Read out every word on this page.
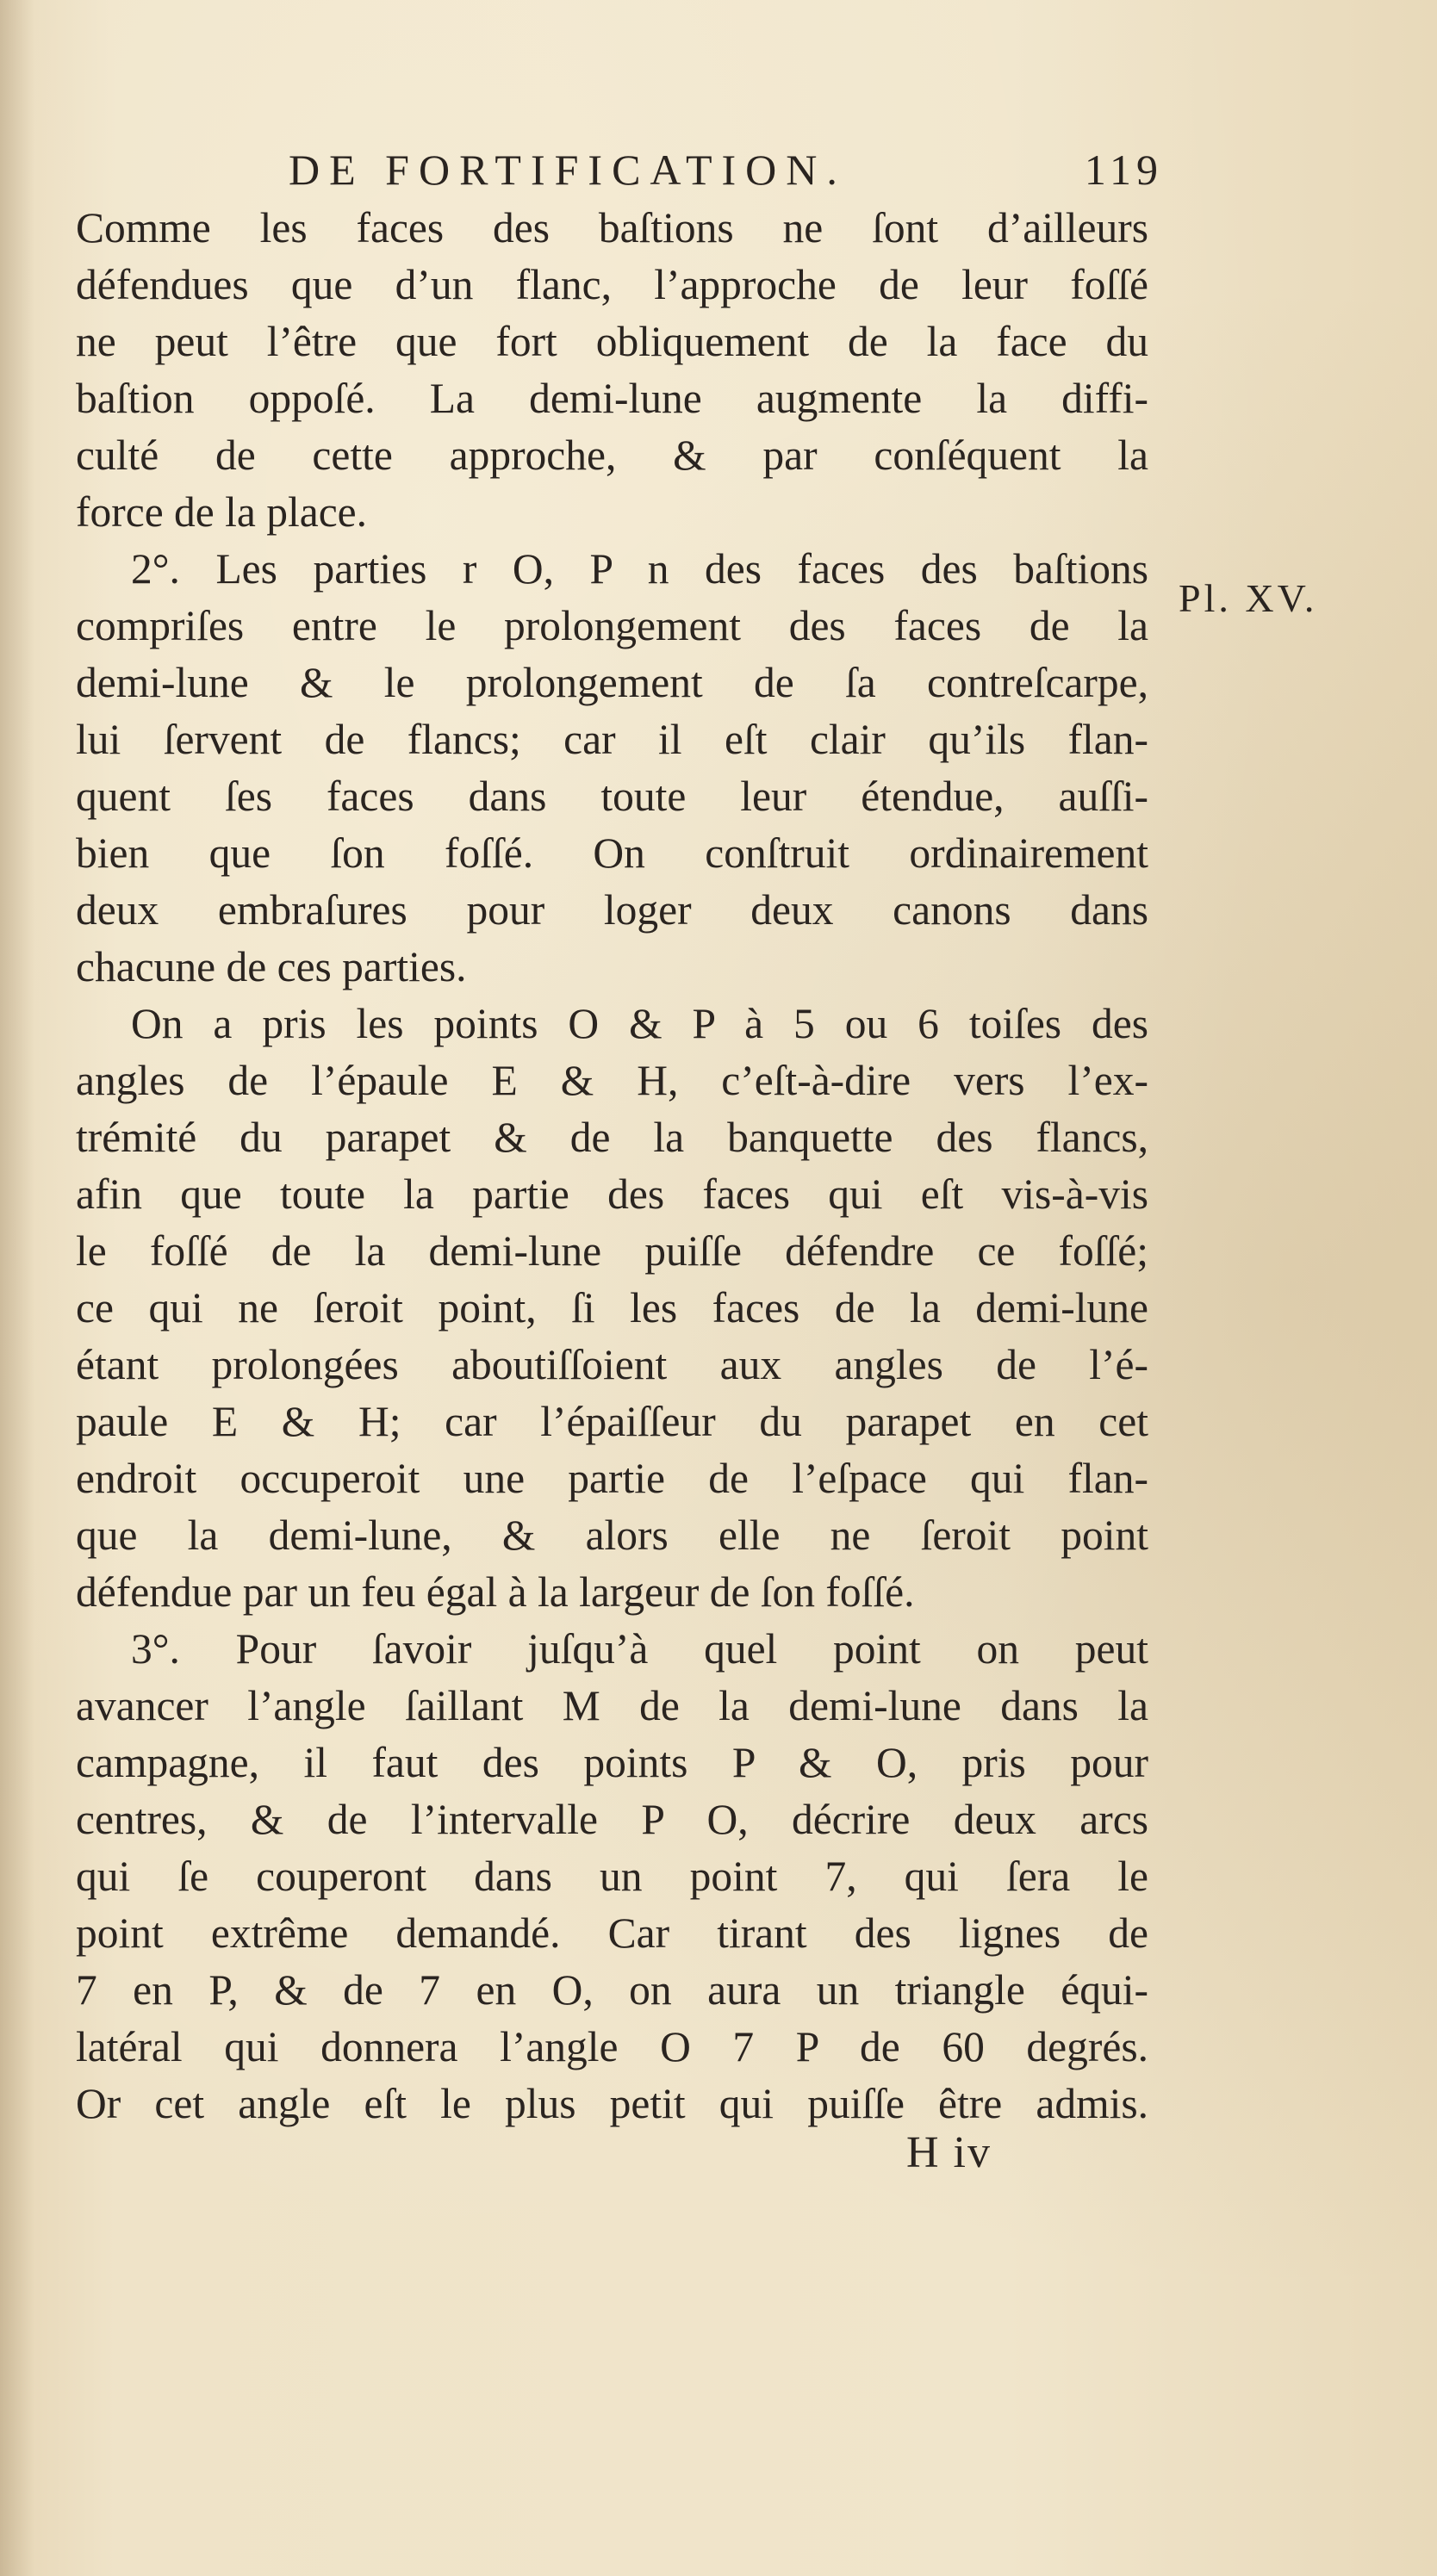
DE FORTIFICATION.	119
Comme les faces des baſtions ne ſont d’ailleurs
défendues que d’un flanc, l’approche de leur foſſé
ne peut l’être que fort obliquement de la face du
baſtion oppoſé. La demi-lune augmente la diffi-
culté de cette approche, & par conſéquent la
force de la place.
2°. Les parties r O, P n des faces des baſtions
compriſes entre le prolongement des faces de la
demi-lune & le prolongement de ſa contreſcarpe,
lui ſervent de flancs; car il eſt clair qu’ils flan-
quent ſes faces dans toute leur étendue, auſſi-
bien que ſon foſſé. On conſtruit ordinairement
deux embraſures pour loger deux canons dans
chacune de ces parties.
On a pris les points O & P à 5 ou 6 toiſes des
angles de l’épaule E & H, c’eſt-à-dire vers l’ex-
trémité du parapet & de la banquette des flancs,
afin que toute la partie des faces qui eſt vis-à-vis
le foſſé de la demi-lune puiſſe défendre ce foſſé;
ce qui ne ſeroit point, ſi les faces de la demi-lune
étant prolongées aboutiſſoient aux angles de l’é-
paule E & H; car l’épaiſſeur du parapet en cet
endroit occuperoit une partie de l’eſpace qui flan-
que la demi-lune, & alors elle ne ſeroit point
défendue par un feu égal à la largeur de ſon foſſé.
3°. Pour ſavoir juſqu’à quel point on peut
avancer l’angle ſaillant M de la demi-lune dans la
campagne, il faut des points P & O, pris pour
centres, & de l’intervalle P O, décrire deux arcs
qui ſe couperont dans un point 7, qui ſera le
point extrême demandé. Car tirant des lignes de
7 en P, & de 7 en O, on aura un triangle équi-
latéral qui donnera l’angle O 7 P de 60 degrés.
Or cet angle eſt le plus petit qui puiſſe être admis.
Pl. XV.
H iv
